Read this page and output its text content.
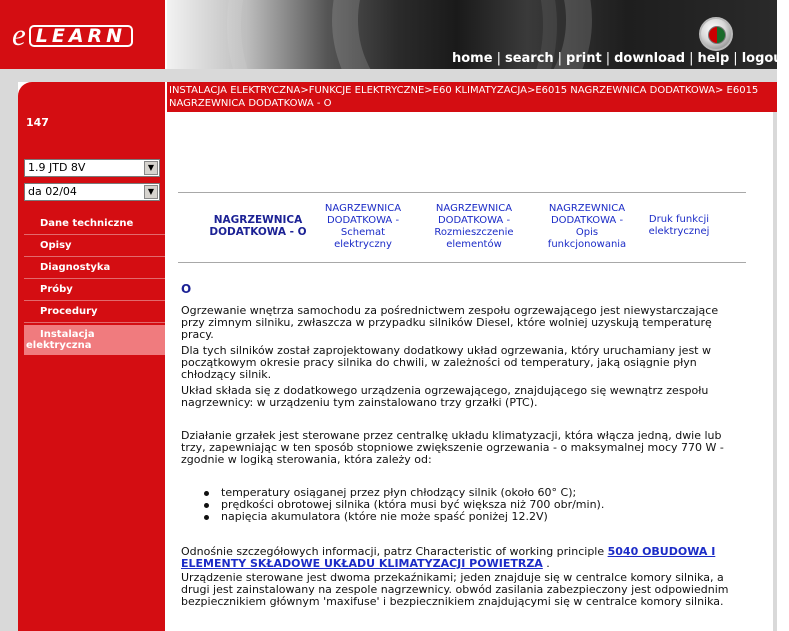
e LEARN
home | search | print | download | help | logout
INSTALACJA ELEKTRYCZNA>FUNKCJE ELEKTRYCZNE>E60 KLIMATYZACJA>E6015 NAGRZEWNICA DODATKOWA> E6015 NAGRZEWNICA DODATKOWA - O
147
1.9 JTD 8V	▼
da 02/04	▼
Dane techniczne
Opisy
Diagnostyka
Próby
Procedury
Instalacja
elektryczna
NAGRZEWNICA
DODATKOWA - O
NAGRZEWNICA
DODATKOWA -
Schemat
elektryczny
NAGRZEWNICA
DODATKOWA -
Rozmieszczenie
elementów
NAGRZEWNICA
DODATKOWA -
Opis
funkcjonowania
Druk funkcji
elektrycznej
O
Ogrzewanie wnętrza samochodu za pośrednictwem zespołu ogrzewającego jest niewystarczające przy zimnym silniku, zwłaszcza w przypadku silników Diesel, które wolniej uzyskują temperaturę pracy.
Dla tych silników został zaprojektowany dodatkowy układ ogrzewania, który uruchamiany jest w początkowym okresie pracy silnika do chwili, w zależności od temperatury, jaką osiągnie płyn chłodzący silnik.
Układ składa się z dodatkowego urządzenia ogrzewającego, znajdującego się wewnątrz zespołu nagrzewnicy: w urządzeniu tym zainstalowano trzy grzałki (PTC).
Działanie grzałek jest sterowane przez centralkę układu klimatyzacji, która włącza jedną, dwie lub trzy, zapewniając w ten sposób stopniowe zwiększenie ogrzewania - o maksymalnej mocy 770 W - zgodnie w logiką sterowania, która zależy od:
temperatury osiąganej przez płyn chłodzący silnik (około 60° C);
prędkości obrotowej silnika (która musi być większa niż 700 obr/min).
napięcia akumulatora (które nie może spaść poniżej 12.2V)
Odnośnie szczegółowych informacji, patrz Characteristic of working principle 5040 OBUDOWA I ELEMENTY SKŁADOWE UKŁADU KLIMATYZACJI POWIETRZA .
Urządzenie sterowane jest dwoma przekaźnikami; jeden znajduje się w centralce komory silnika, a drugi jest zainstalowany na zespole nagrzewnicy. obwód zasilania zabezpieczony jest odpowiednim bezpiecznikiem głównym 'maxifuse' i bezpiecznikiem znajdującymi się w centralce komory silnika.
